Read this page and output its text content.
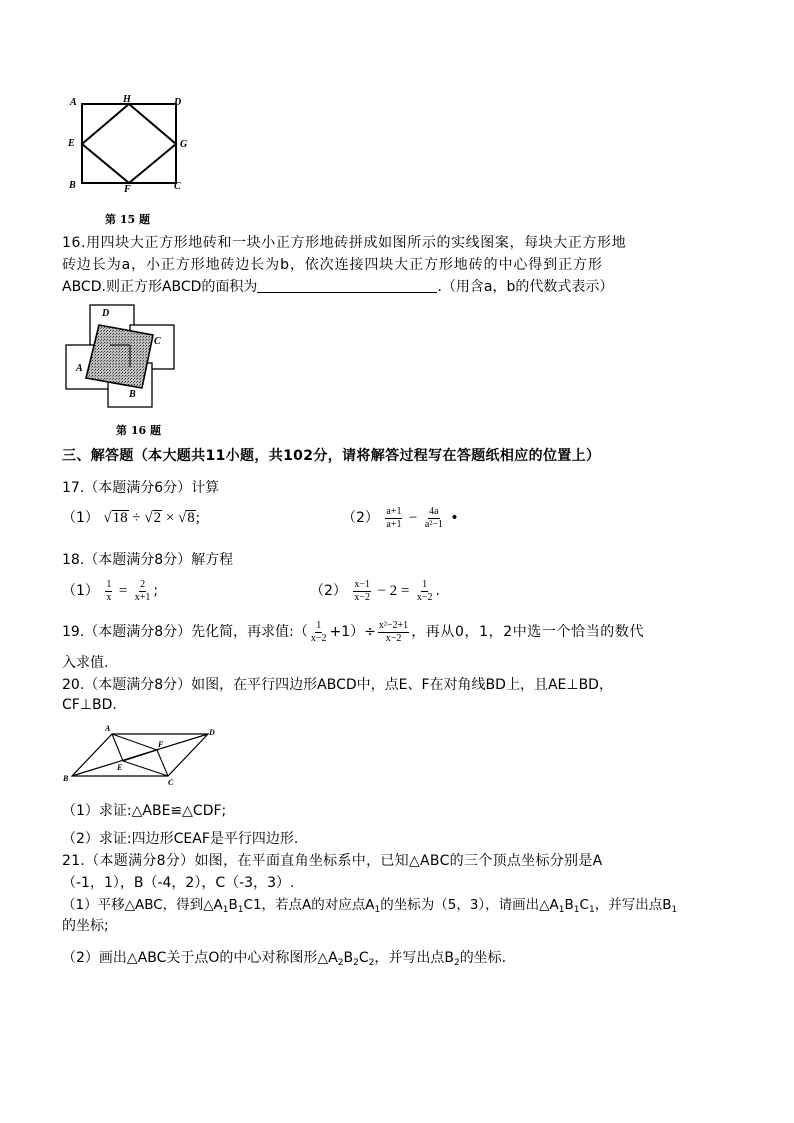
A	H	D
E	G
B	F	C
第 15 题
16.用四块大正方形地砖和一块小正方形地砖拼成如图所示的实线图案，每块大正方形地
砖边长为a，小正方形地砖边长为b，依次连接四块大正方形地砖的中心得到正方形
ABCD.则正方形ABCD的面积为	.（用含a，b的代数式表示）
D
C
A
B
第 16 题
三、解答题（本大题共11小题，共102分，请将解答过程写在答题纸相应的位置上）
17.（本题满分6分）计算
（1） √18 ÷ √2 × √8;	$(2) \frac{a+1}{a+1} - \frac{4a}{\text{a²−1}}$ •
18.（本题满分8分）解方程
$(1) \frac{1}{x} = \frac{2}{x+1}$ ;	$(2) \frac{x-1}{x-2} - 2 = \frac{1}{x-2}$ .
19.（本题满分8分）先化简，再求值:（ $\frac{1}{x-2} +1)\div \frac{\text{x²−2+1}}{x-2}$ ，再从0，1，2中选一个恰当的数代
入求值.
20.（本题满分8分）如图，在平行四边形ABCD中，点E、F在对角线BD上，且AE⊥BD，
CF⊥BD.
A	D
F
E
B	C
（1）求证:△ABE≌△CDF;
（2）求证:四边形CEAF是平行四边形.
21.（本题满分8分）如图，在平面直角坐标系中，已知△ABC的三个顶点坐标分别是A
（-1，1），B（-4，2），C（-3，3）.
（1）平移△ABC，得到$\triangle A_1B_1C1$，若点A的对应点$A_1$的坐标为（5，3），请画出$\triangle A_1B_1C_1$，并写出点$B_1$
的坐标;
（2）画出△ABC关于点O的中心对称图形$\triangle A_2B_2C_2$，并写出点$B_2$的坐标.
